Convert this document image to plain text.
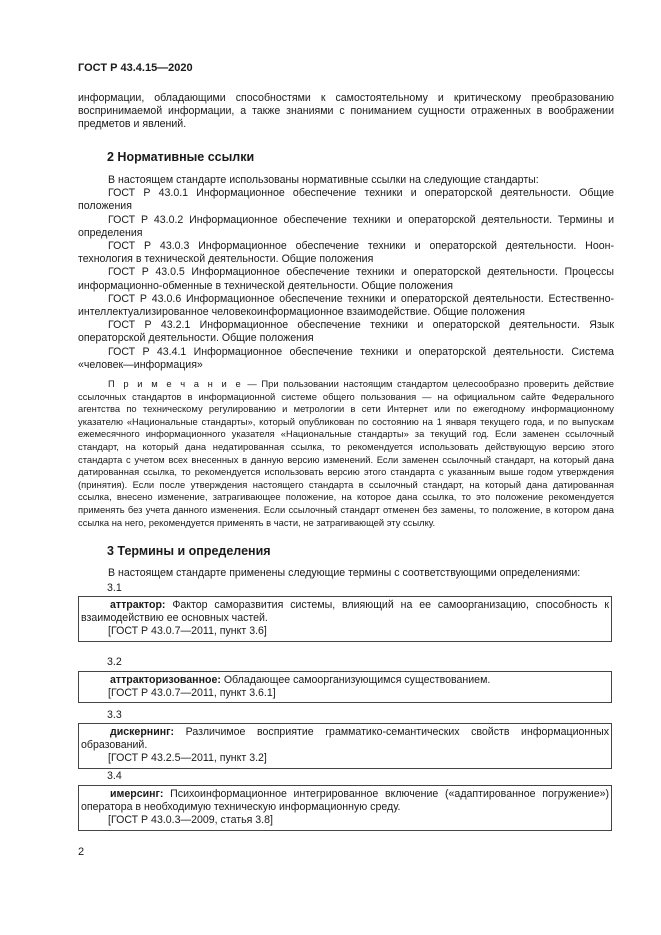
ГОСТ Р 43.4.15—2020

информации, обладающими способностями к самостоятельному и критическому преобразованию воспринимаемой информации, а также знаниями с пониманием сущности отраженных в воображении предметов и явлений.

2 Нормативные ссылки

В настоящем стандарте использованы нормативные ссылки на следующие стандарты:

ГОСТ Р 43.0.1 Информационное обеспечение техники и операторской деятельности. Общие положения

ГОСТ Р 43.0.2 Информационное обеспечение техники и операторской деятельности. Термины и определения

ГОСТ Р 43.0.3 Информационное обеспечение техники и операторской деятельности. Ноон-технология в технической деятельности. Общие положения

ГОСТ Р 43.0.5 Информационное обеспечение техники и операторской деятельности. Процессы информационно-обменные в технической деятельности. Общие положения

ГОСТ Р 43.0.6 Информационное обеспечение техники и операторской деятельности. Естественно-интеллектуализированное человекоинформационное взаимодействие. Общие положения

ГОСТ Р 43.2.1 Информационное обеспечение техники и операторской деятельности. Язык операторской деятельности. Общие положения

ГОСТ Р 43.4.1 Информационное обеспечение техники и операторской деятельности. Система «человек—информация»

П р и м е ч а н и е — При пользовании настоящим стандартом целесообразно проверить действие ссылочных стандартов в информационной системе общего пользования — на официальном сайте Федерального агентства по техническому регулированию и метрологии в сети Интернет или по ежегодному информационному указателю «Национальные стандарты», который опубликован по состоянию на 1 января текущего года, и по выпускам ежемесячного информационного указателя «Национальные стандарты» за текущий год. Если заменен ссылочный стандарт, на который дана недатированная ссылка, то рекомендуется использовать действующую версию этого стандарта с учетом всех внесенных в данную версию изменений. Если заменен ссылочный стандарт, на который дана датированная ссылка, то рекомендуется использовать версию этого стандарта с указанным выше годом утверждения (принятия). Если после утверждения настоящего стандарта в ссылочный стандарт, на который дана датированная ссылка, внесено изменение, затрагивающее положение, на которое дана ссылка, то это положение рекомендуется применять без учета данного изменения. Если ссылочный стандарт отменен без замены, то положение, в котором дана ссылка на него, рекомендуется применять в части, не затрагивающей эту ссылку.
3 Термины и определения

В настоящем стандарте применены следующие термины с соответствующими определениями:

3.1

аттрактор: Фактор саморазвития системы, влияющий на ее самоорганизацию, способность к взаимодействию ее основных частей.

[ГОСТ Р 43.0.7—2011, пункт 3.6]

3.2

аттракторизованное: Обладающее самоорганизующимся существованием.

[ГОСТ Р 43.0.7—2011, пункт 3.6.1]

3.3

дискернинг: Различимое восприятие грамматико-семантических свойств информационных образований.

[ГОСТ Р 43.2.5—2011, пункт 3.2]

3.4

имерсинг: Психоинформационное интегрированное включение («адаптированное погружение») оператора в необходимую техническую информационную среду.

[ГОСТ Р 43.0.3—2009, статья 3.8]

2
